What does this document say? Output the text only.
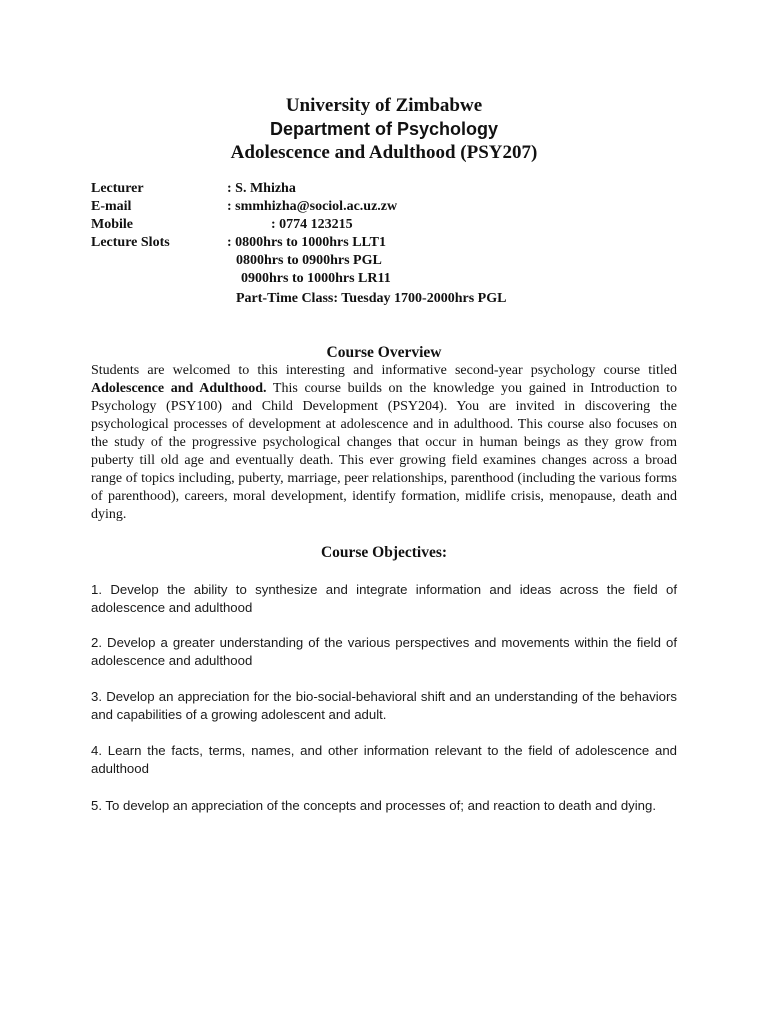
University of Zimbabwe

Department of Psychology

Adolescence and Adulthood (PSY207)

Lecturer	: S. Mhizha
E-mail	: smmhizha@sociol.ac.uz.zw
Mobile	: 0774 123215
Lecture Slots	: 0800hrs to 1000hrs LLT1
0800hrs to 0900hrs PGL
0900hrs to 1000hrs LR11
Part-Time Class: Tuesday 1700-2000hrs PGL

Course Overview

Students are welcomed to this interesting and informative second-year psychology course titled Adolescence and Adulthood. This course builds on the knowledge you gained in Introduction to Psychology (PSY100) and Child Development (PSY204). You are invited in discovering the psychological processes of development at adolescence and in adulthood. This course also focuses on the study of the progressive psychological changes that occur in human beings as they grow from puberty till old age and eventually death. This ever growing field examines changes across a broad range of topics including, puberty, marriage, peer relationships, parenthood (including the various forms of parenthood), careers, moral development, identify formation, midlife crisis, menopause, death and dying.

Course Objectives:

1. Develop the ability to synthesize and integrate information and ideas across the field of adolescence and adulthood

2. Develop a greater understanding of the various perspectives and movements within the field of adolescence and adulthood

3. Develop an appreciation for the bio-social-behavioral shift and an understanding of the behaviors and capabilities of a growing adolescent and adult.

4. Learn the facts, terms, names, and other information relevant to the field of adolescence and adulthood

5. To develop an appreciation of the concepts and processes of; and reaction to death and dying.
